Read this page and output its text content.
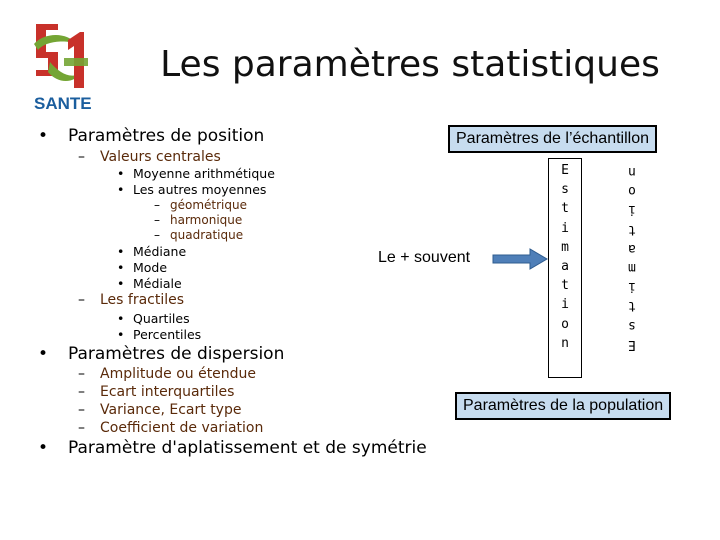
SANTE
Les paramètres statistiques
• Paramètres de position
– Valeurs centrales
• Moyenne arithmétique
• Les autres moyennes
– géométrique
– harmonique
– quadratique
• Médiane
• Mode
• Médiale
– Les fractiles
• Quartiles
• Percentiles
• Paramètres de dispersion
– Amplitude ou étendue
– Ecart interquartiles
– Variance, Ecart type
– Coefficient de variation
• Paramètre d'aplatissement et de symétrie
Paramètres de l’échantillon
E
s
t
i
m
a
t
i
o
n	E
s
t
i
m
a
t
i
o
n
Le + souvent
Paramètres de la population
